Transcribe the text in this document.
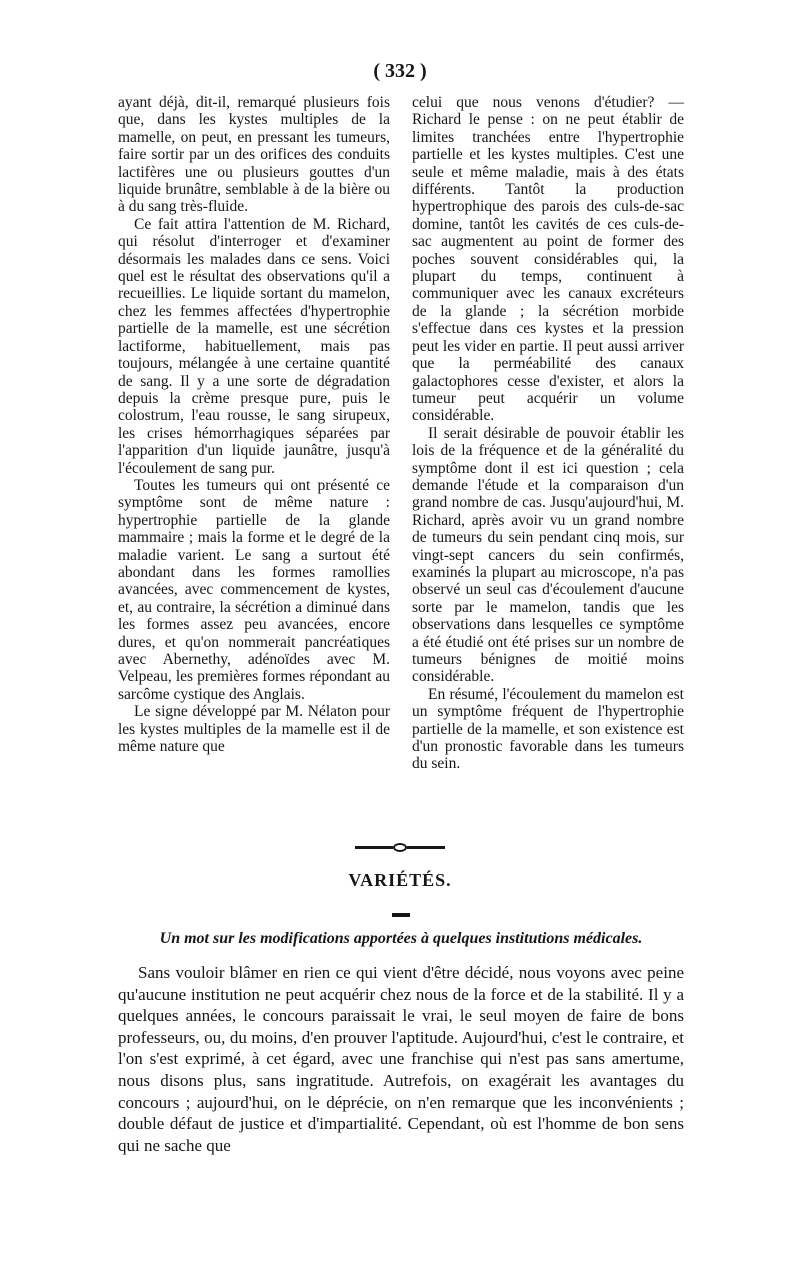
( 332 )

ayant déjà, dit-il, remarqué plusieurs fois que, dans les kystes multiples de la mamelle, on peut, en pressant les tumeurs, faire sortir par un des orifices des conduits lactifères une ou plusieurs gouttes d'un liquide brunâtre, semblable à de la bière ou à du sang très-fluide.

Ce fait attira l'attention de M. Richard, qui résolut d'interroger et d'examiner désormais les malades dans ce sens. Voici quel est le résultat des observations qu'il a recueillies. Le liquide sortant du mamelon, chez les femmes affectées d'hypertrophie partielle de la mamelle, est une sécrétion lactiforme, habituellement, mais pas toujours, mélangée à une certaine quantité de sang. Il y a une sorte de dégradation depuis la crème presque pure, puis le colostrum, l'eau rousse, le sang sirupeux, les crises hémorrhagiques séparées par l'apparition d'un liquide jaunâtre, jusqu'à l'écoulement de sang pur.

Toutes les tumeurs qui ont présenté ce symptôme sont de même nature : hypertrophie partielle de la glande mammaire ; mais la forme et le degré de la maladie varient. Le sang a surtout été abondant dans les formes ramollies avancées, avec commencement de kystes, et, au contraire, la sécrétion a diminué dans les formes assez peu avancées, encore dures, et qu'on nommerait pancréatiques avec Abernethy, adénoïdes avec M. Velpeau, les premières formes répondant au sarcôme cystique des Anglais.

Le signe développé par M. Nélaton pour les kystes multiples de la mamelle est il de même nature que

celui que nous venons d'étudier? — Richard le pense : on ne peut établir de limites tranchées entre l'hypertrophie partielle et les kystes multiples. C'est une seule et même maladie, mais à des états différents. Tantôt la production hypertrophique des parois des culs-de-sac domine, tantôt les cavités de ces culs-de-sac augmentent au point de former des poches souvent considérables qui, la plupart du temps, continuent à communiquer avec les canaux excréteurs de la glande ; la sécrétion morbide s'effectue dans ces kystes et la pression peut les vider en partie. Il peut aussi arriver que la perméabilité des canaux galactophores cesse d'exister, et alors la tumeur peut acquérir un volume considérable.

Il serait désirable de pouvoir établir les lois de la fréquence et de la généralité du symptôme dont il est ici question ; cela demande l'étude et la comparaison d'un grand nombre de cas. Jusqu'aujourd'hui, M. Richard, après avoir vu un grand nombre de tumeurs du sein pendant cinq mois, sur vingt-sept cancers du sein confirmés, examinés la plupart au microscope, n'a pas observé un seul cas d'écoulement d'aucune sorte par le mamelon, tandis que les observations dans lesquelles ce symptôme a été étudié ont été prises sur un nombre de tumeurs bénignes de moitié moins considérable.

En résumé, l'écoulement du mamelon est un symptôme fréquent de l'hypertrophie partielle de la mamelle, et son existence est d'un pronostic favorable dans les tumeurs du sein.

VARIÉTÉS.
Un mot sur les modifications apportées à quelques institutions médicales.

Sans vouloir blâmer en rien ce qui vient d'être décidé, nous voyons avec peine qu'aucune institution ne peut acquérir chez nous de la force et de la stabilité. Il y a quelques années, le concours paraissait le vrai, le seul moyen de faire de bons professeurs, ou, du moins, d'en prouver l'aptitude. Aujourd'hui, c'est le contraire, et l'on s'est exprimé, à cet égard, avec une franchise qui n'est pas sans amertume, nous disons plus, sans ingratitude. Autrefois, on exagérait les avantages du concours ; aujourd'hui, on le déprécie, on n'en remarque que les inconvénients ; double défaut de justice et d'impartialité. Cependant, où est l'homme de bon sens qui ne sache que
